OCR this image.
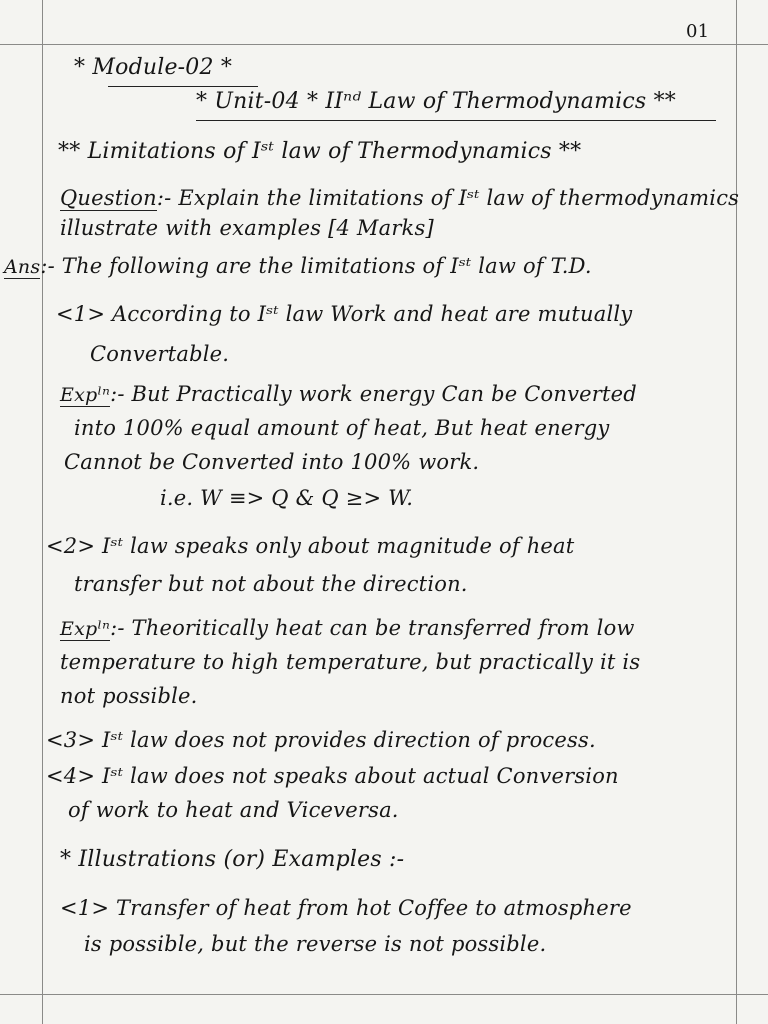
01
* Module-02 *
* Unit-04 * IIⁿᵈ Law of Thermodynamics **
** Limitations of Iˢᵗ law of Thermodynamics **
Question:- Explain the limitations of Iˢᵗ law of thermodynamics
illustrate with examples [4 Marks]
Ans:- The following are the limitations of Iˢᵗ law of T.D.
<1> According to Iˢᵗ law Work and heat are mutually
Convertable.
Expˡⁿ:- But Practically work energy Can be Converted
into 100% equal amount of heat, But heat energy
Cannot be Converted into 100% work.
i.e. W ≡> Q & Q ≥> W.
<2> Iˢᵗ law speaks only about magnitude of heat
transfer but not about the direction.
Expˡⁿ:- Theoritically heat can be transferred from low
temperature to high temperature, but practically it is
not possible.
<3> Iˢᵗ law does not provides direction of process.
<4> Iˢᵗ law does not speaks about actual Conversion
of work to heat and Viceversa.
* Illustrations (or) Examples :-
<1> Transfer of heat from hot Coffee to atmosphere
is possible, but the reverse is not possible.
